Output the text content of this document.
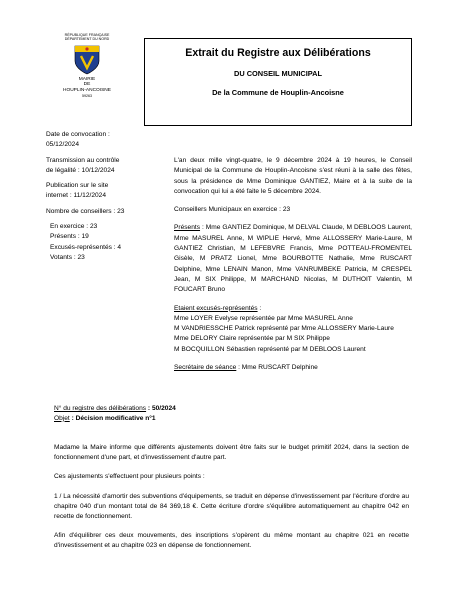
RÉPUBLIQUE FRANÇAISE
DÉPARTEMENT DU NORD
MAIRIE
DE
HOUPLIN-ANCOISNE
59263
Extrait du Registre aux Délibérations
DU CONSEIL MUNICIPAL
De la Commune de Houplin-Ancoisne
Date de convocation :
05/12/2024
Transmission au contrôle
de légalité : 10/12/2024
Publication sur le site
internet : 11/12/2024
Nombre de conseillers : 23
En exercice : 23
Présents : 19
Excusés-représentés : 4
Votants : 23
L'an deux mille vingt-quatre, le 9 décembre 2024 à 19 heures, le Conseil Municipal de la Commune de Houplin-Ancoisne s'est réuni à la salle des fêtes, sous la présidence de Mme Dominique GANTIEZ, Maire et à la suite de la convocation qui lui a été faite le 5 décembre 2024.
Conseillers Municipaux en exercice : 23
Présents : Mme GANTIEZ Dominique, M DELVAL Claude, M DEBLOOS Laurent, Mme MASUREL Anne, M WIPLIE Hervé, Mme ALLOSSERY Marie-Laure, M GANTIEZ Christian, M LEFEBVRE Francis, Mme POTTEAU-FROMENTEL Gisèle, M PRATZ Lionel, Mme BOURBOTTE Nathalie, Mme RUSCART Delphine, Mme LENAIN Manon, Mme VANRUMBEKE Patricia, M CRESPEL Jean, M SIX Philippe, M MARCHAND Nicolas, M DUTHOIT Valentin, M FOUCART Bruno
Etaient excusés-représentés :
Mme LOYER Evelyse représentée par Mme MASUREL Anne
M VANDRIESSCHE Patrick représenté par Mme ALLOSSERY Marie-Laure
Mme DELORY Claire représentée par M SIX Philippe
M BOCQUILLON Sébastien représenté par M DEBLOOS Laurent
Secrétaire de séance : Mme RUSCART Delphine
N° du registre des délibérations : 50/2024
Objet : Décision modificative n°1

Madame la Maire informe que différents ajustements doivent être faits sur le budget primitif 2024, dans la section de fonctionnement d'une part, et d'investissement d'autre part.

Ces ajustements s'effectuent pour plusieurs points :

1 / La nécessité d'amortir des subventions d'équipements, se traduit en dépense d'investissement par l'écriture d'ordre au chapitre 040 d'un montant total de 84 369,18 €. Cette écriture d'ordre s'équilibre automatiquement au chapitre 042 en recette de fonctionnement.

Afin d'équilibrer ces deux mouvements, des inscriptions s'opèrent du même montant au chapitre 021 en recette d'investissement et au chapitre 023 en dépense de fonctionnement.
